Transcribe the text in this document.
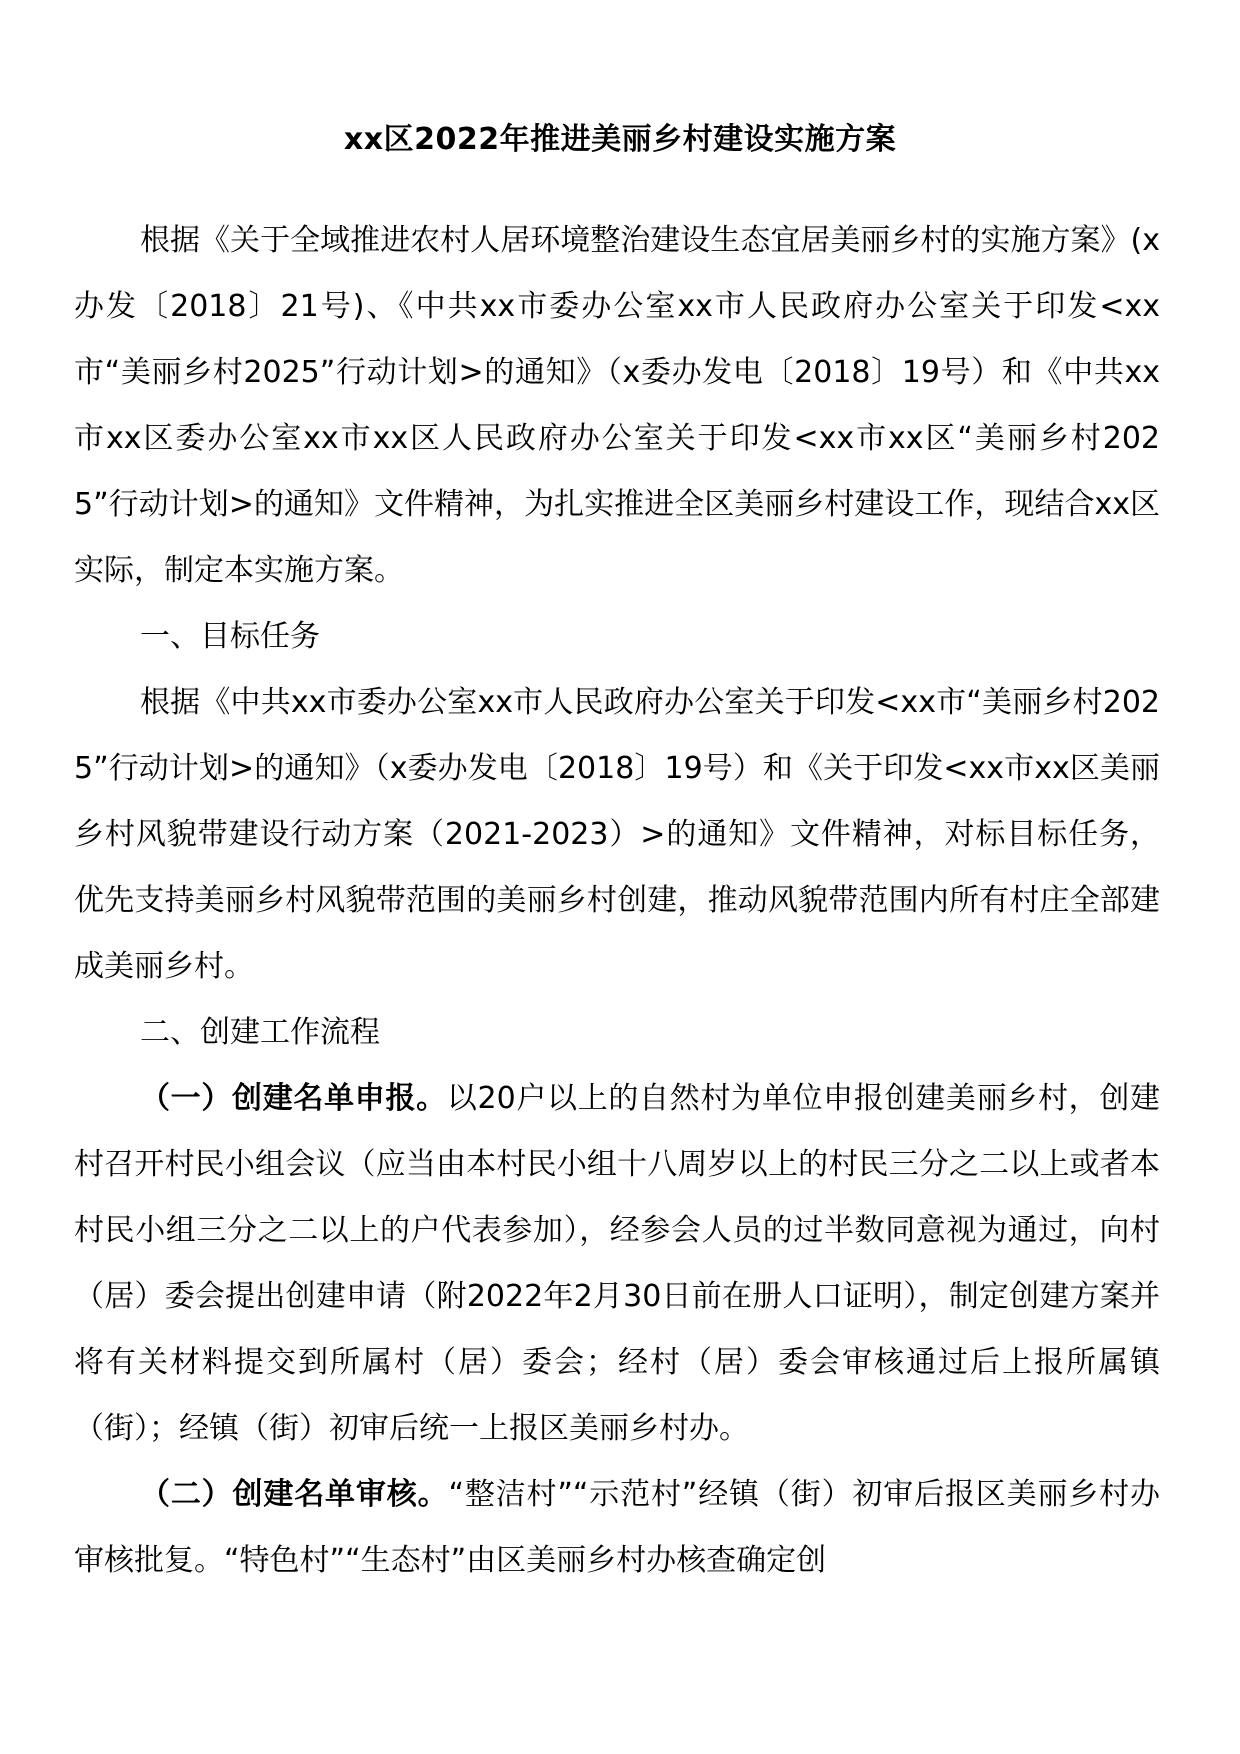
xx区2022年推进美丽乡村建设实施方案

根据《关于全域推进农村人居环境整治建设生态宜居美丽乡村的实施方案》(x办发〔2018〕21号)、《中共xx市委办公室xx市人民政府办公室关于印发<xx市“美丽乡村2025”行动计划>的通知》（x委办发电〔2018〕19号）和《中共xx市xx区委办公室xx市xx区人民政府办公室关于印发<xx市xx区“美丽乡村2025”行动计划>的通知》文件精神，为扎实推进全区美丽乡村建设工作，现结合xx区实际，制定本实施方案。

一、目标任务

根据《中共xx市委办公室xx市人民政府办公室关于印发<xx市“美丽乡村2025”行动计划>的通知》（x委办发电〔2018〕19号）和《关于印发<xx市xx区美丽乡村风貌带建设行动方案（2021-2023）>的通知》文件精神，对标目标任务，优先支持美丽乡村风貌带范围的美丽乡村创建，推动风貌带范围内所有村庄全部建成美丽乡村。

二、创建工作流程

（一）创建名单申报。以20户以上的自然村为单位申报创建美丽乡村，创建村召开村民小组会议（应当由本村民小组十八周岁以上的村民三分之二以上或者本村民小组三分之二以上的户代表参加），经参会人员的过半数同意视为通过，向村（居）委会提出创建申请（附2022年2月30日前在册人口证明），制定创建方案并将有关材料提交到所属村（居）委会；经村（居）委会审核通过后上报所属镇（街）；经镇（街）初审后统一上报区美丽乡村办。

（二）创建名单审核。“整洁村”“示范村”经镇（街）初审后报区美丽乡村办审核批复。“特色村”“生态村”由区美丽乡村办核查确定创
